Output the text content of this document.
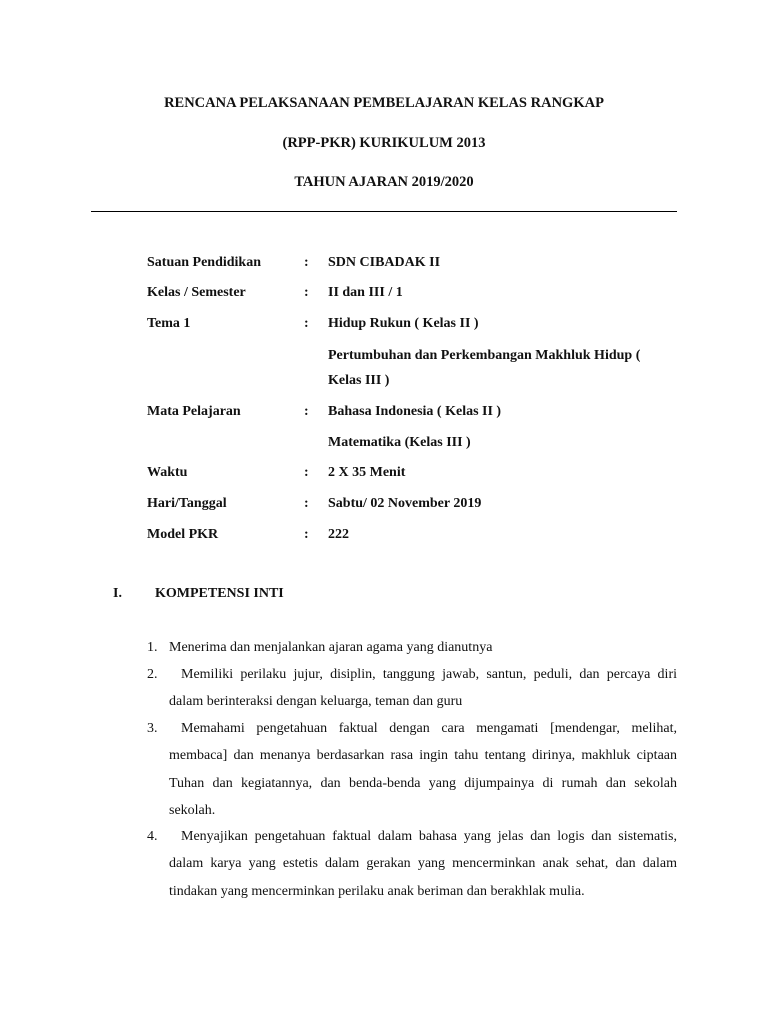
RENCANA PELAKSANAAN PEMBELAJARAN KELAS RANGKAP
(RPP-PKR) KURIKULUM 2013
TAHUN AJARAN 2019/2020
Satuan Pendidikan	: SDN CIBADAK II
Kelas / Semester	: II dan III / 1
Tema 1	: Hidup Rukun ( Kelas II )
Pertumbuhan dan Perkembangan Makhluk Hidup (
Kelas III )
Mata Pelajaran	: Bahasa Indonesia ( Kelas II )
Matematika (Kelas III )
Waktu	: 2 X 35 Menit
Hari/Tanggal	: Sabtu/ 02 November 2019
Model PKR	: 222
I. KOMPETENSI INTI
1. Menerima dan menjalankan ajaran agama yang dianutnya
2.	Memiliki perilaku jujur, disiplin, tanggung jawab, santun, peduli, dan percaya diri dalam berinteraksi dengan keluarga, teman dan guru
3.	Memahami pengetahuan faktual dengan cara mengamati [mendengar, melihat, membaca] dan menanya berdasarkan rasa ingin tahu tentang dirinya, makhluk ciptaan Tuhan dan kegiatannya, dan benda-benda yang dijumpainya di rumah dan sekolah sekolah.
4.	Menyajikan pengetahuan faktual dalam bahasa yang jelas dan logis dan sistematis, dalam karya yang estetis dalam gerakan yang mencerminkan anak sehat, dan dalam tindakan yang mencerminkan perilaku anak beriman dan berakhlak mulia.
